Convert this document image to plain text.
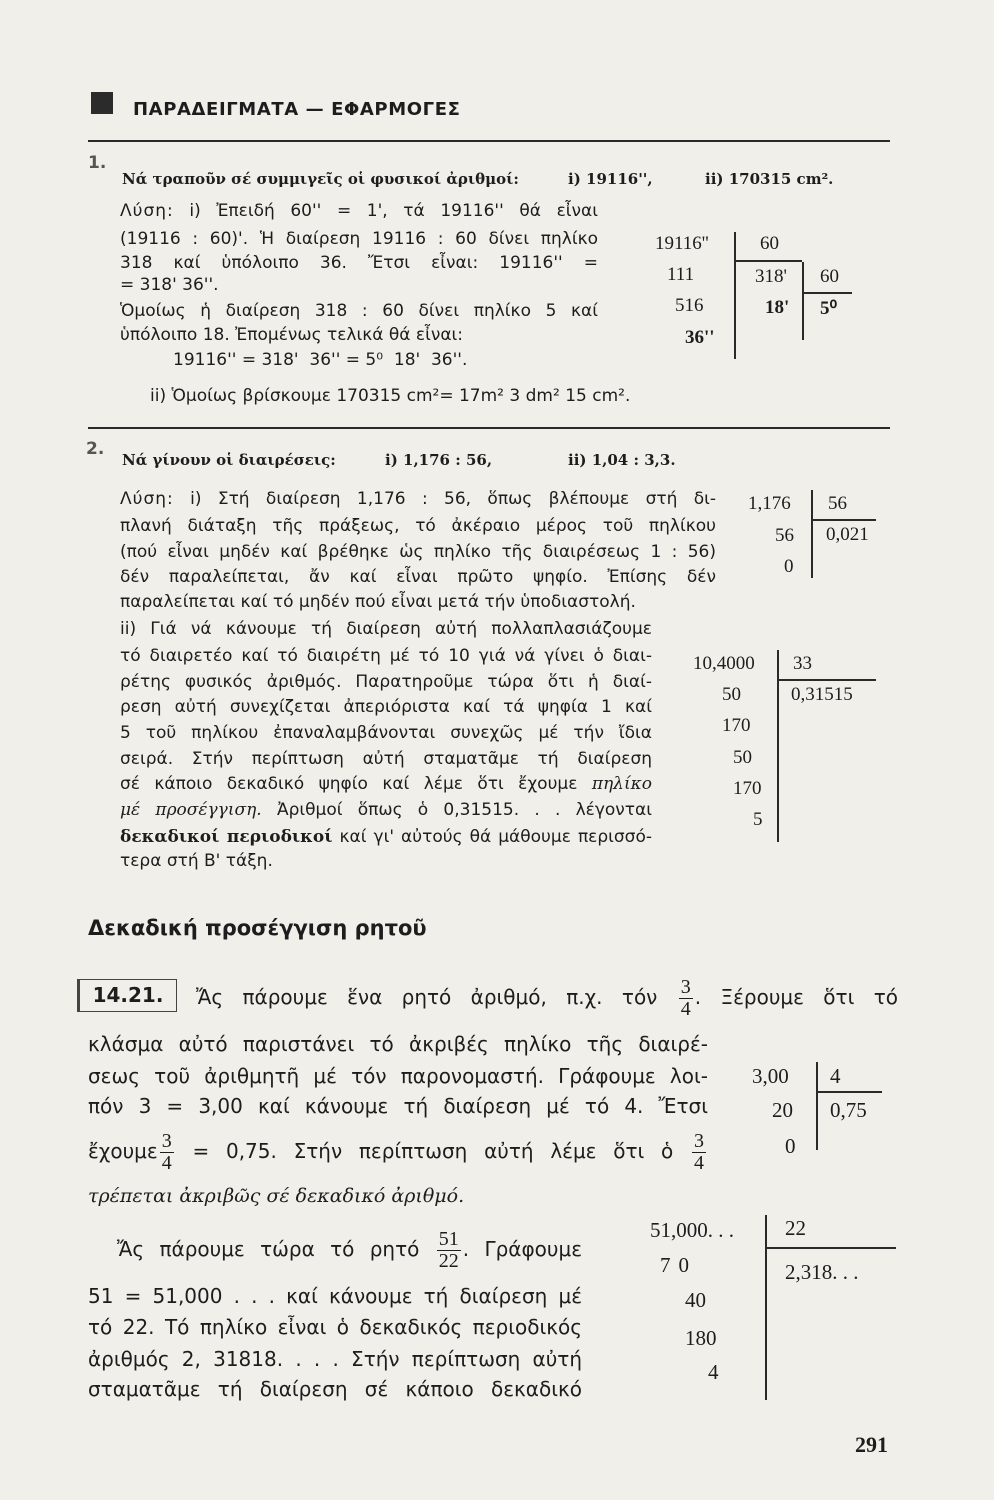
ΠΑΡΑΔΕΙΓΜΑΤΑ — ΕΦΑΡΜΟΓΕΣ
1.
Νά τραποῦν σέ συμμιγεῖς οἱ φυσικοί ἀριθμοί:	i) 19116'',	ii) 170315 cm².
Λύση: i) Ἐπειδή 60'' = 1', τά 19116'' θά εἶναι
(19116 : 60)'. Ἡ διαίρεση 19116 : 60 δίνει πηλίκο
318 καί ὑπόλοιπο 36. Ἔτσι εἶναι: 19116'' =
= 318' 36''.
Ὁμοίως ἡ διαίρεση 318 : 60 δίνει πηλίκο 5 καί
ὑπόλοιπο 18. Ἐπομένως τελικά θά εἶναι:
19116'' = 318'  36'' = 5⁰  18'  36''.
ii) Ὁμοίως βρίσκουμε 170315 cm²= 17m² 3 dm² 15 cm².
19116''	60
111	318' 60
516	18' 5⁰
36''
2.
Νά γίνουν οἱ διαιρέσεις:	i) 1,176 : 56,	ii) 1,04 : 3,3.
Λύση: i) Στή διαίρεση 1,176 : 56, ὅπως βλέπουμε στή δι-
πλανή διάταξη τῆς πράξεως, τό ἀκέραιο μέρος τοῦ πηλίκου
(πού εἶναι μηδέν καί βρέθηκε ὡς πηλίκο τῆς διαιρέσεως 1 : 56)
δέν παραλείπεται, ἄν καί εἶναι πρῶτο ψηφίο. Ἐπίσης δέν
παραλείπεται καί τό μηδέν πού εἶναι μετά τήν ὑποδιαστολή.
ii) Γιά νά κάνουμε τή διαίρεση αὐτή πολλαπλασιάζουμε
τό διαιρετέο καί τό διαιρέτη μέ τό 10 γιά νά γίνει ὁ διαι-
ρέτης φυσικός ἀριθμός. Παρατηροῦμε τώρα ὅτι ἡ διαί-
ρεση αὐτή συνεχίζεται ἀπεριόριστα καί τά ψηφία 1 καί
5 τοῦ πηλίκου ἐπαναλαμβάνονται συνεχῶς μέ τήν ἴδια
σειρά. Στήν περίπτωση αὐτή σταματᾶμε τή διαίρεση
σέ κάποιο δεκαδικό ψηφίο καί λέμε ὅτι ἔχουμε πηλίκο
μέ προσέγγιση. Ἀριθμοί ὅπως ὁ 0,31515. . . λέγονται
δεκαδικοί περιοδικοί καί γι' αὐτούς θά μάθουμε περισσό-
τερα στή Β' τάξη.
1,176 56
56 0,021
0
10,4000 33
50	0,31515
170
50
170
5
Δεκαδική προσέγγιση ρητοῦ
14.21.	Ἄς πάρουμε ἕνα ρητό ἀριθμό, π.χ. τόν $\frac{3}{4}$ . Ξέρουμε ὅτι τό
κλάσμα αὐτό παριστάνει τό ἀκριβές πηλίκο τῆς διαιρέ-
σεως τοῦ ἀριθμητῆ μέ τόν παρονομαστή. Γράφουμε λοι-
πόν 3 = 3,00 καί κάνουμε τή διαίρεση μέ τό 4. Ἔτσι
ἔχουμε $\frac{3}{4} = 0,75$. Στήν περίπτωση αὐτή λέμε ὅτι ὁ $\frac{3}{4}$
τρέπεται ἀκριβῶς σέ δεκαδικό ἀριθμό.
Ἄς πάρουμε τώρα τό ρητό $\frac{51}{22}$ . Γράφουμε
51 = 51,000 . . . καί κάνουμε τή διαίρεση μέ
τό 22. Τό πηλίκο εἶναι ὁ δεκαδικός περιοδικός
ἀριθμός 2, 31818. . . . Στήν περίπτωση αὐτή
σταματᾶμε τή διαίρεση σέ κάποιο δεκαδικό
3,00 4
20 0,75
0
51,000. . . 22
70	2,318. . .
40
180
4
291
